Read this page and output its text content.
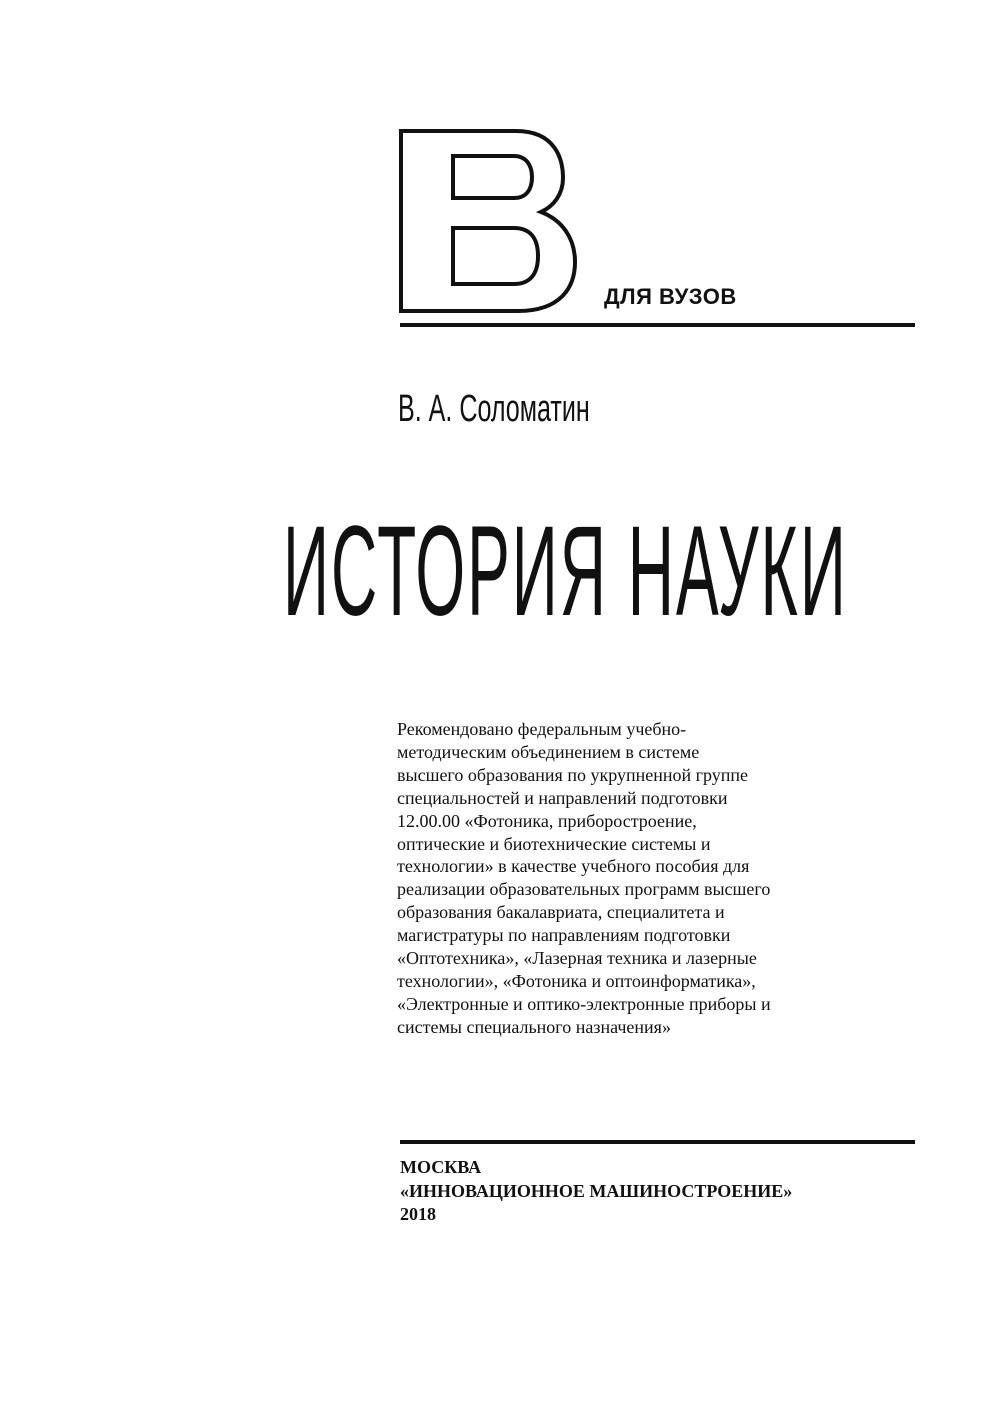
ДЛЯ ВУЗОВ
В. А. Соломатин
ИСТОРИЯ НАУКИ
Рекомендовано федеральным учебно-
методическим объединением в системе
высшего образования по укрупненной группе
специальностей и направлений подготовки
12.00.00 «Фотоника, приборостроение,
оптические и биотехнические системы и
технологии» в качестве учебного пособия для
реализации образовательных программ высшего
образования бакалавриата, специалитета и
магистратуры по направлениям подготовки
«Оптотехника», «Лазерная техника и лазерные
технологии», «Фотоника и оптоинформатика»,
«Электронные и оптико-электронные приборы и
системы специального назначения»
МОСКВА
«ИННОВАЦИОННОЕ МАШИНОСТРОЕНИЕ»
2018
